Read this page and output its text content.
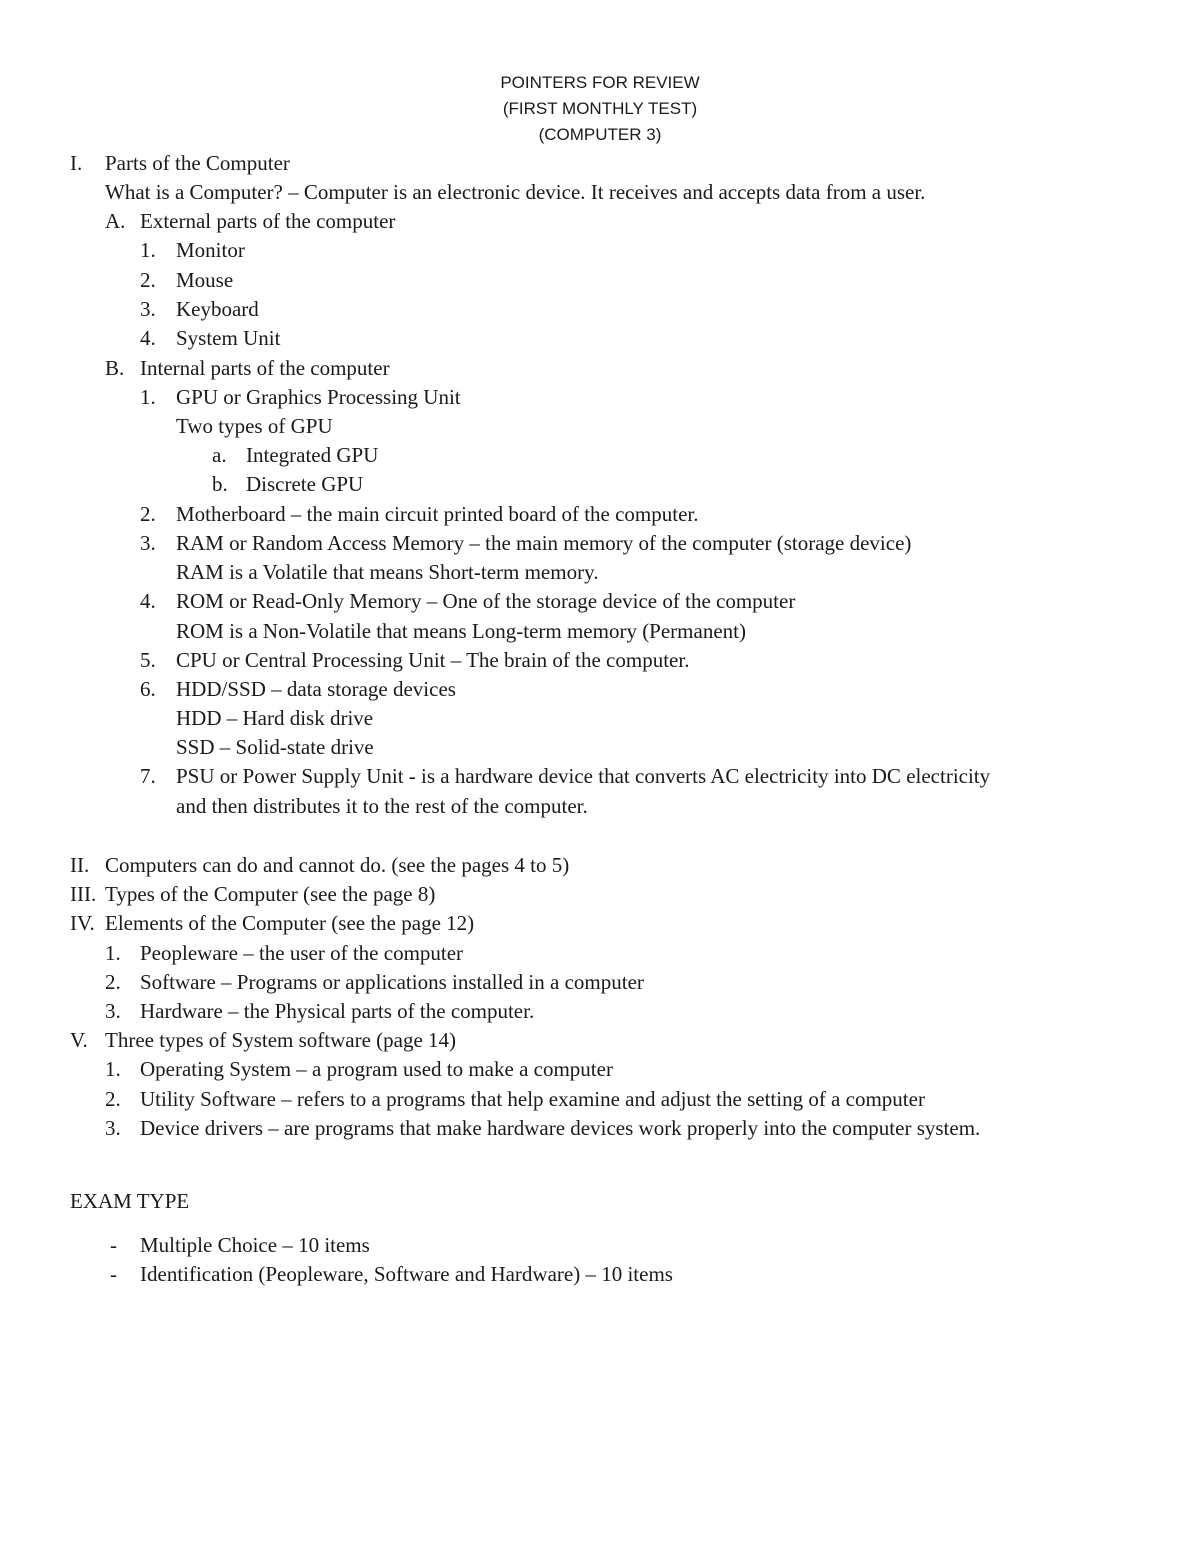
POINTERS FOR REVIEW
(FIRST MONTHLY TEST)
(COMPUTER 3)
I. Parts of the Computer
What is a Computer? – Computer is an electronic device. It receives and accepts data from a user.
A. External parts of the computer
1. Monitor
2. Mouse
3. Keyboard
4. System Unit
B. Internal parts of the computer
1. GPU or Graphics Processing Unit
Two types of GPU
a. Integrated GPU
b. Discrete GPU
2. Motherboard – the main circuit printed board of the computer.
3. RAM or Random Access Memory – the main memory of the computer (storage device)
RAM is a Volatile that means Short-term memory.
4. ROM or Read-Only Memory – One of the storage device of the computer
ROM is a Non-Volatile that means Long-term memory (Permanent)
5. CPU or Central Processing Unit – The brain of the computer.
6. HDD/SSD – data storage devices
HDD – Hard disk drive
SSD – Solid-state drive
7. PSU or Power Supply Unit - is a hardware device that converts AC electricity into DC electricity
and then distributes it to the rest of the computer.
II. Computers can do and cannot do. (see the pages 4 to 5)
III. Types of the Computer (see the page 8)
IV. Elements of the Computer (see the page 12)
1. Peopleware – the user of the computer
2. Software – Programs or applications installed in a computer
3. Hardware – the Physical parts of the computer.
V. Three types of System software (page 14)
1. Operating System – a program used to make a computer
2. Utility Software – refers to a programs that help examine and adjust the setting of a computer
3. Device drivers – are programs that make hardware devices work properly into the computer system.
EXAM TYPE
- Multiple Choice – 10 items
- Identification (Peopleware, Software and Hardware) – 10 items
